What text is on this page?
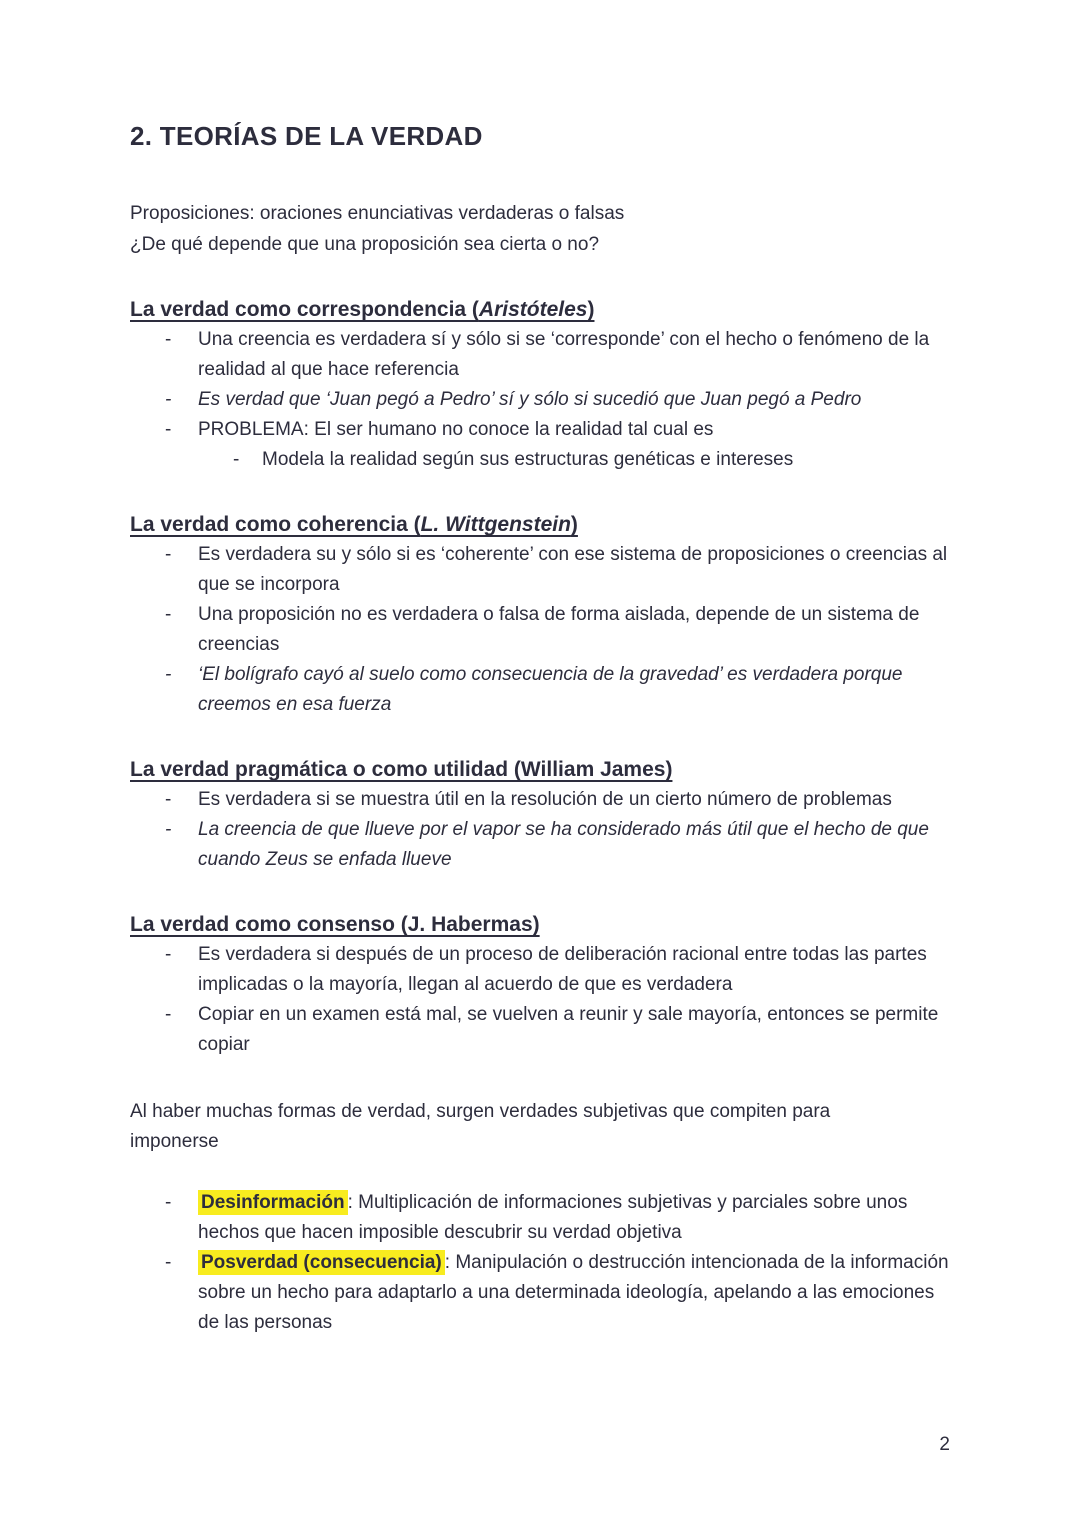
2. TEORÍAS DE LA VERDAD
Proposiciones: oraciones enunciativas verdaderas o falsas
¿De qué depende que una proposición sea cierta o no?
La verdad como correspondencia (Aristóteles)
- Una creencia es verdadera sí y sólo si se ‘corresponde’ con el hecho o fenómeno de la realidad al que hace referencia
- Es verdad que ‘Juan pegó a Pedro’ sí y sólo si sucedió que Juan pegó a Pedro
- PROBLEMA: El ser humano no conoce la realidad tal cual es
- Modela la realidad según sus estructuras genéticas e intereses
La verdad como coherencia (L. Wittgenstein)
- Es verdadera su y sólo si es ‘coherente’ con ese sistema de proposiciones o creencias al que se incorpora
- Una proposición no es verdadera o falsa de forma aislada, depende de un sistema de creencias
- ‘El bolígrafo cayó al suelo como consecuencia de la gravedad’ es verdadera porque creemos en esa fuerza
La verdad pragmática o como utilidad (William James)
- Es verdadera si se muestra útil en la resolución de un cierto número de problemas
- La creencia de que llueve por el vapor se ha considerado más útil que el hecho de que cuando Zeus se enfada llueve
La verdad como consenso (J. Habermas)
- Es verdadera si después de un proceso de deliberación racional entre todas las partes implicadas o la mayoría, llegan al acuerdo de que es verdadera
- Copiar en un examen está mal, se vuelven a reunir y sale mayoría, entonces se permite copiar

Al haber muchas formas de verdad, surgen verdades subjetivas que compiten para imponerse

- Desinformación : Multiplicación de informaciones subjetivas y parciales sobre unos hechos que hacen imposible descubrir su verdad objetiva
- Posverdad (consecuencia) : Manipulación o destrucción intencionada de la información sobre un hecho para adaptarlo a una determinada ideología, apelando a las emociones de las personas
2
